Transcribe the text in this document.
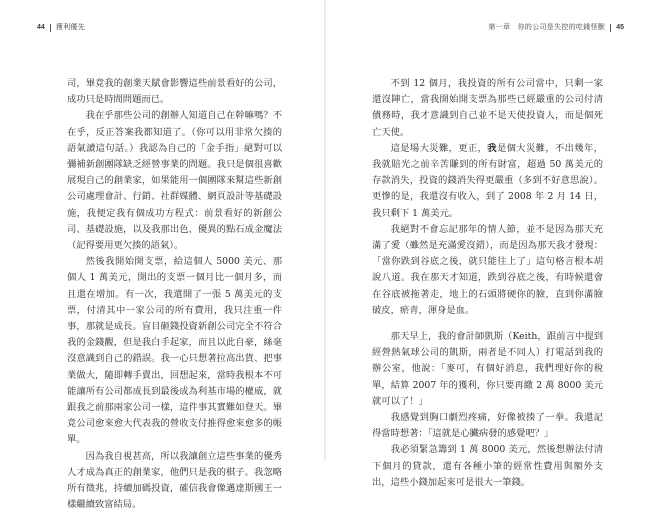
44 獲利優先

司，畢竟我的創業天賦會影響這些前景看好的公司，成功只是時間問題而已。

我在乎那些公司的創辦人知道自己在幹嘛嗎？不在乎，反正答案我都知道了。（你可以用非常欠揍的語氣讀這句話。）我認為自己的「金手指」絕對可以彌補新創團隊缺乏經營事業的問題。我只是個很喜歡展現自己的創業家，如果能用一個團隊來幫這些新創公司處理會計、行銷、社群媒體、網頁設計等基礎設施，我便定我有個成功方程式：前景看好的新創公司、基礎設施，以及我那出色、優異的點石成金魔法（記得要用更欠揍的語氣）。

然後我開始開支票，給這個人 5000 美元、那個人 1 萬美元，開出的支票一個月比一個月多，而且還在增加。有一次，我還開了一張 5 萬美元的支票，付清其中一家公司的所有費用，我只注重一件事，那就是成長。盲目砸錢投資新創公司完全不符合我的金錢觀，但是我白手起家，而且以此自豪，絲毫沒意識到自己的錯誤。我一心只想著拉高出貨、把事業做大，隨即轉手賣出，回想起來，當時我根本不可能讓所有公司都成長到最後成為利基市場的權威，就跟我之前那兩家公司一樣，這件事其實難如登天。畢竟公司愈來愈大代表我的營收支付推得愈來愈多的帳單。

因為我自視甚高，所以我讓創立這些事業的優秀人才成為真正的創業家，他們只是我的棋子。我忽略所有徵兆，持續加碼投資，確信我會像邁達斯國王一樣繼續致富結局。

第一章　你的公司是失控的吃錢怪獸 45

不到 12 個月，我投資的所有公司當中，只剩一家還沒陣亡，當我開始開支票為那些已經嚴重的公司付清債務時，我才意識到自己並不是天使投資人，而是個死亡天使。

這是場大災難，更正，我是個大災難，不出幾年，我就賠光之前辛苦賺到的所有財富，超過 50 萬美元的存款消失，投資的錢消失得更嚴重（多到不好意思說）。更慘的是，我還沒有收入，到了 2008 年 2 月 14 日，我只剩下 1 萬美元。

我絕對不會忘記那年的情人節，並不是因為那天充滿了愛（雖然是充滿愛沒錯），而是因為那天我才發現：「當你跌到谷底之後，就只能往上了」這句格言根本胡說八道。我在那天才知道，跌到谷底之後，有時候還會在谷底被拖著走，地上的石頭將硬你的臉，直到你滿臉破皮，瘀青，渾身是血。

那天早上，我的會計師凱斯（Keith，跟前言中提到經營熱氣球公司的凱斯，兩者是不同人）打電話到我的辦公室，他說：「麥可，有個好消息，我們理好你的稅單，結算 2007 年的獲利，你只要再繳 2 萬 8000 美元就可以了！」

我感覺到胸口劇烈疼痛，好像被揍了一拳。我還記得當時想著：「這就是心臟病發的感覺吧？」

我必須緊急籌到 1 萬 8000 美元，然後想辦法付清下個月的貸款，還有各種小筆的經常性費用與額外支出，這些小錢加起來可是很大一筆錢。
